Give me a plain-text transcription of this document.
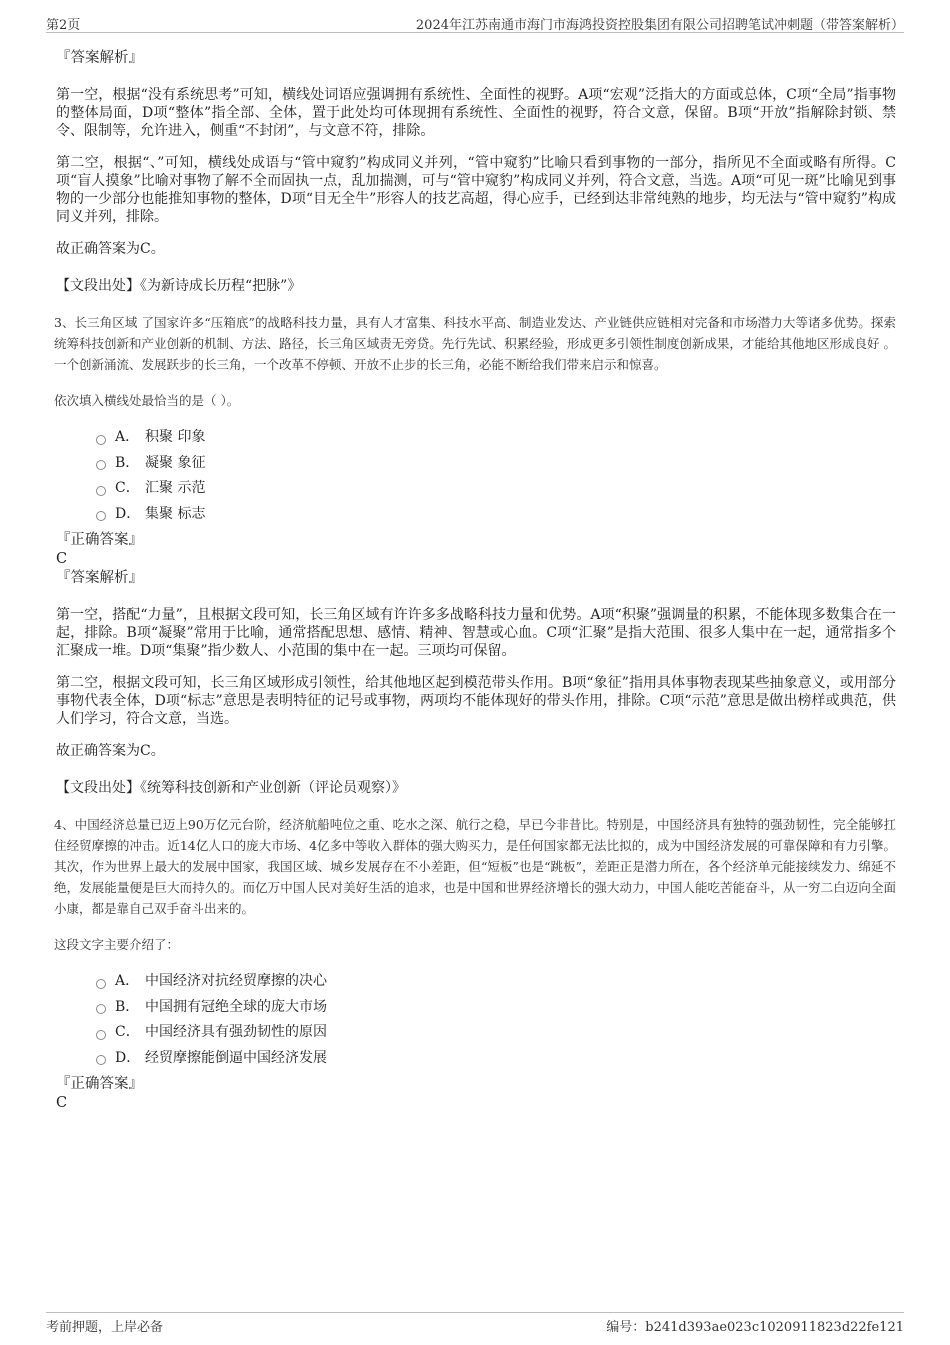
第2页	2024年江苏南通市海门市海鸿投资控股集团有限公司招聘笔试冲刺题（带答案解析）

『答案解析』

第一空，根据“没有系统思考”可知，横线处词语应强调拥有系统性、全面性的视野。A项“宏观”泛指大的方面或总体，C项“全局”指事物的整体局面，D项“整体”指全部、全体，置于此处均可体现拥有系统性、全面性的视野，符合文意，保留。B项“开放”指解除封锁、禁令、限制等，允许进入，侧重“不封闭”，与文意不符，排除。

第二空，根据“、”可知，横线处成语与“管中窥豹”构成同义并列，“管中窥豹”比喻只看到事物的一部分，指所见不全面或略有所得。C项“盲人摸象”比喻对事物了解不全而固执一点，乱加揣测，可与“管中窥豹”构成同义并列，符合文意，当选。A项“可见一斑”比喻见到事物的一少部分也能推知事物的整体，D项“目无全牛”形容人的技艺高超，得心应手，已经到达非常纯熟的地步，均无法与“管中窥豹”构成同义并列，排除。

故正确答案为C。

【文段出处】《为新诗成长历程“把脉”》

3、长三角区域 了国家许多“压箱底”的战略科技力量，具有人才富集、科技水平高、制造业发达、产业链供应链相对完备和市场潜力大等诸多优势。探索统筹科技创新和产业创新的机制、方法、路径，长三角区域责无旁贷。先行先试、积累经验，形成更多引领性制度创新成果，才能给其他地区形成良好 。一个创新涌流、发展跃步的长三角，一个改革不停顿、开放不止步的长三角，必能不断给我们带来启示和惊喜。

依次填入横线处最恰当的是（ ）。

A． 积聚 印象
B． 凝聚 象征
C． 汇聚 示范
D． 集聚 标志

『正确答案』

C

『答案解析』

第一空，搭配“力量”，且根据文段可知，长三角区域有许许多多战略科技力量和优势。A项“积聚”强调量的积累，不能体现多数集合在一起，排除。B项“凝聚”常用于比喻，通常搭配思想、感情、精神、智慧或心血。C项“汇聚”是指大范围、很多人集中在一起，通常指多个汇聚成一堆。D项“集聚”指少数人、小范围的集中在一起。三项均可保留。

第二空，根据文段可知，长三角区域形成引领性，给其他地区起到模范带头作用。B项“象征”指用具体事物表现某些抽象意义，或用部分事物代表全体，D项“标志”意思是表明特征的记号或事物，两项均不能体现好的带头作用，排除。C项“示范”意思是做出榜样或典范，供人们学习，符合文意，当选。

故正确答案为C。

【文段出处】《统筹科技创新和产业创新（评论员观察）》

4、中国经济总量已迈上90万亿元台阶，经济航船吨位之重、吃水之深、航行之稳，早已今非昔比。特别是，中国经济具有独特的强劲韧性，完全能够扛住经贸摩擦的冲击。近14亿人口的庞大市场、4亿多中等收入群体的强大购买力，是任何国家都无法比拟的，成为中国经济发展的可靠保障和有力引擎。其次，作为世界上最大的发展中国家，我国区域、城乡发展存在不小差距，但“短板”也是“跳板”，差距正是潜力所在，各个经济单元能接续发力、绵延不绝，发展能量便是巨大而持久的。而亿万中国人民对美好生活的追求，也是中国和世界经济增长的强大动力，中国人能吃苦能奋斗，从一穷二白迈向全面小康，都是靠自己双手奋斗出来的。

这段文字主要介绍了：

A． 中国经济对抗经贸摩擦的决心
B． 中国拥有冠绝全球的庞大市场
C． 中国经济具有强劲韧性的原因
D． 经贸摩擦能倒逼中国经济发展

『正确答案』

C

考前押题，上岸必备	编号：b241d393ae023c1020911823d22fe121
